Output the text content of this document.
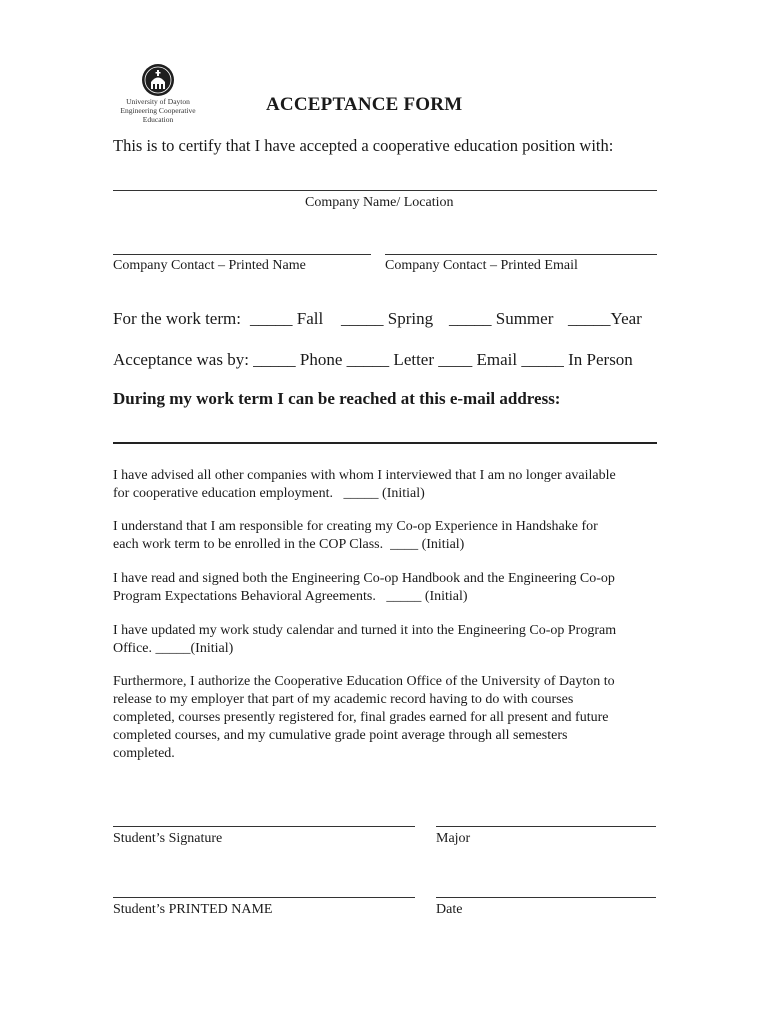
University of Dayton
Engineering Cooperative
Education
ACCEPTANCE FORM
This is to certify that I have accepted a cooperative education position with:
Company Name/ Location
Company Contact – Printed Name	Company Contact – Printed Email
For the work term: _____ Fall _____ Spring _____ Summer _____Year
Acceptance was by: _____ Phone _____ Letter ____ Email _____ In Person
During my work term I can be reached at this e-mail address:
I have advised all other companies with whom I interviewed that I am no longer available
for cooperative education employment.   _____ (Initial)
I understand that I am responsible for creating my Co-op Experience in Handshake for
each work term to be enrolled in the COP Class.  ____ (Initial)
I have read and signed both the Engineering Co-op Handbook and the Engineering Co-op
Program Expectations Behavioral Agreements.   _____ (Initial)
I have updated my work study calendar and turned it into the Engineering Co-op Program
Office. _____(Initial)
Furthermore, I authorize the Cooperative Education Office of the University of Dayton to
release to my employer that part of my academic record having to do with courses
completed, courses presently registered for, final grades earned for all present and future
completed courses, and my cumulative grade point average through all semesters
completed.
Student’s Signature	Major
Student’s PRINTED NAME	Date
